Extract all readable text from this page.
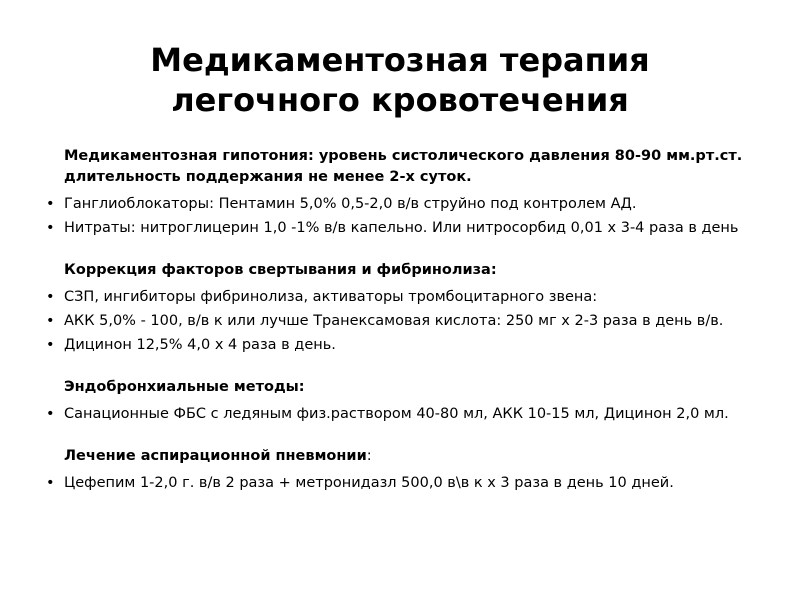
Медикаментозная терапия
легочного кровотечения
Медикаментозная гипотония: уровень систолического давления 80-90 мм.рт.ст. длительность поддержания не менее 2-х суток.
• Ганглиоблокаторы: Пентамин 5,0% 0,5-2,0 в/в струйно под контролем АД.
• Нитраты: нитроглицерин 1,0 -1% в/в капельно. Или нитросорбид 0,01 х 3-4 раза в день
Коррекция факторов свертывания и фибринолиза:
• СЗП, ингибиторы фибринолиза, активаторы тромбоцитарного звена:
• АКК 5,0% - 100, в/в к или лучше Транексамовая кислота: 250 мг х 2-3 раза в день в/в.
• Дицинон 12,5% 4,0 х 4 раза в день.
Эндобронхиальные методы:
• Санационные ФБС с ледяным физ.раствором 40-80 мл, АКК 10-15 мл, Дицинон 2,0 мл.
Лечение аспирационной пневмонии:
• Цефепим 1-2,0 г. в/в 2 раза + метронидазл 500,0 в\в к х 3 раза в день 10 дней.
